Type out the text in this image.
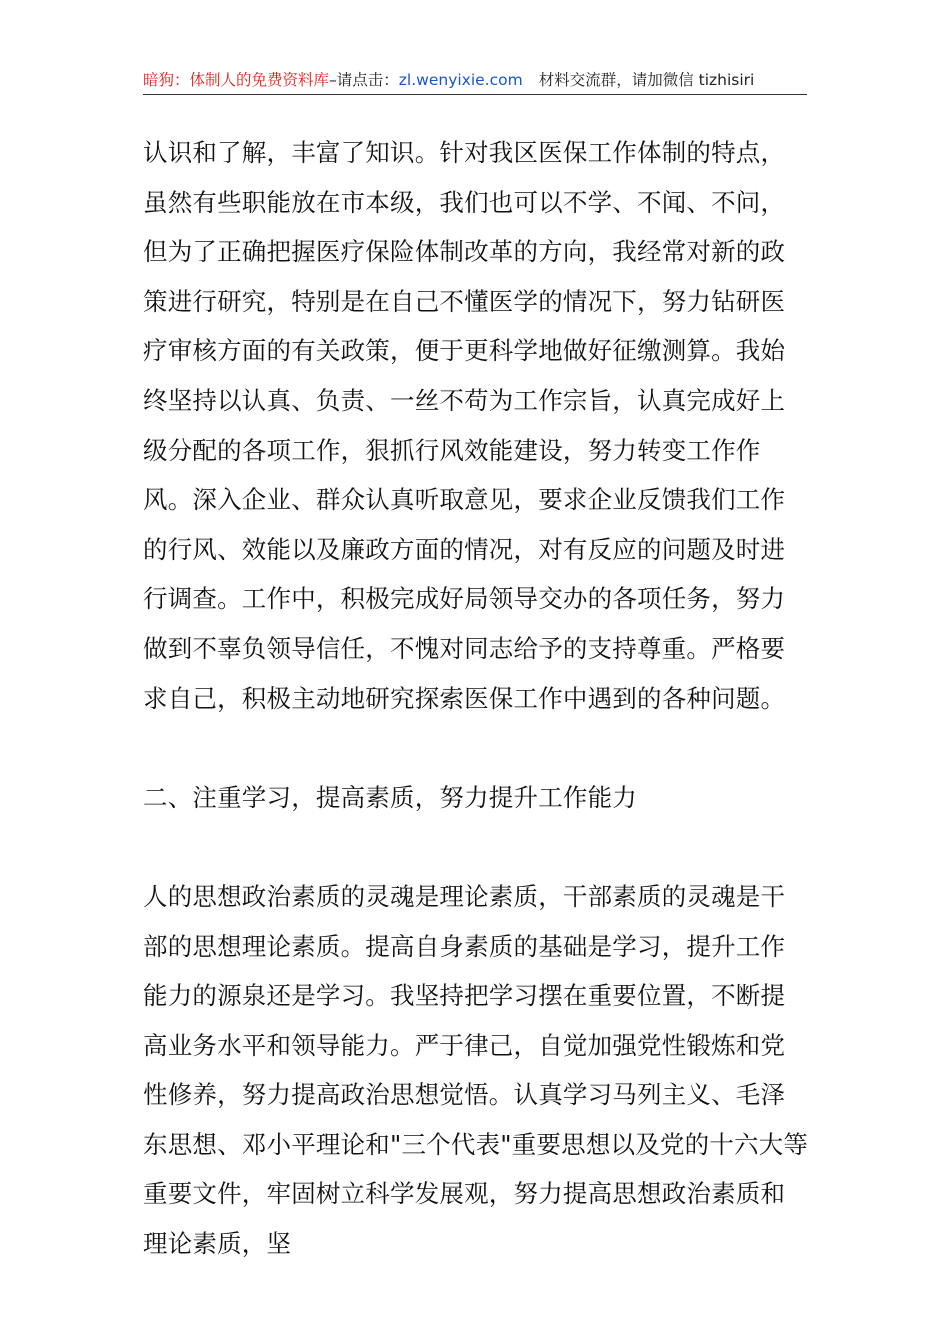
暗狗：体制人的免费资料库–请点击：zl.wenyixie.com 材料交流群，请加微信 tizhisiri

认识和了解，丰富了知识。针对我区医保工作体制的特点，虽然有些职能放在市本级，我们也可以不学、不闻、不问，但为了正确把握医疗保险体制改革的方向，我经常对新的政策进行研究，特别是在自己不懂医学的情况下，努力钻研医疗审核方面的有关政策，便于更科学地做好征缴测算。我始终坚持以认真、负责、一丝不苟为工作宗旨，认真完成好上级分配的各项工作，狠抓行风效能建设，努力转变工作作风。深入企业、群众认真听取意见，要求企业反馈我们工作的行风、效能以及廉政方面的情况，对有反应的问题及时进行调查。工作中，积极完成好局领导交办的各项任务，努力做到不辜负领导信任，不愧对同志给予的支持尊重。严格要求自己，积极主动地研究探索医保工作中遇到的各种问题。

二、注重学习，提高素质，努力提升工作能力

人的思想政治素质的灵魂是理论素质，干部素质的灵魂是干部的思想理论素质。提高自身素质的基础是学习，提升工作能力的源泉还是学习。我坚持把学习摆在重要位置，不断提高业务水平和领导能力。严于律己，自觉加强党性锻炼和党性修养，努力提高政治思想觉悟。认真学习马列主义、毛泽东思想、邓小平理论和"三个代表"重要思想以及党的十六大等重要文件，牢固树立科学发展观，努力提高思想政治素质和理论素质，坚
